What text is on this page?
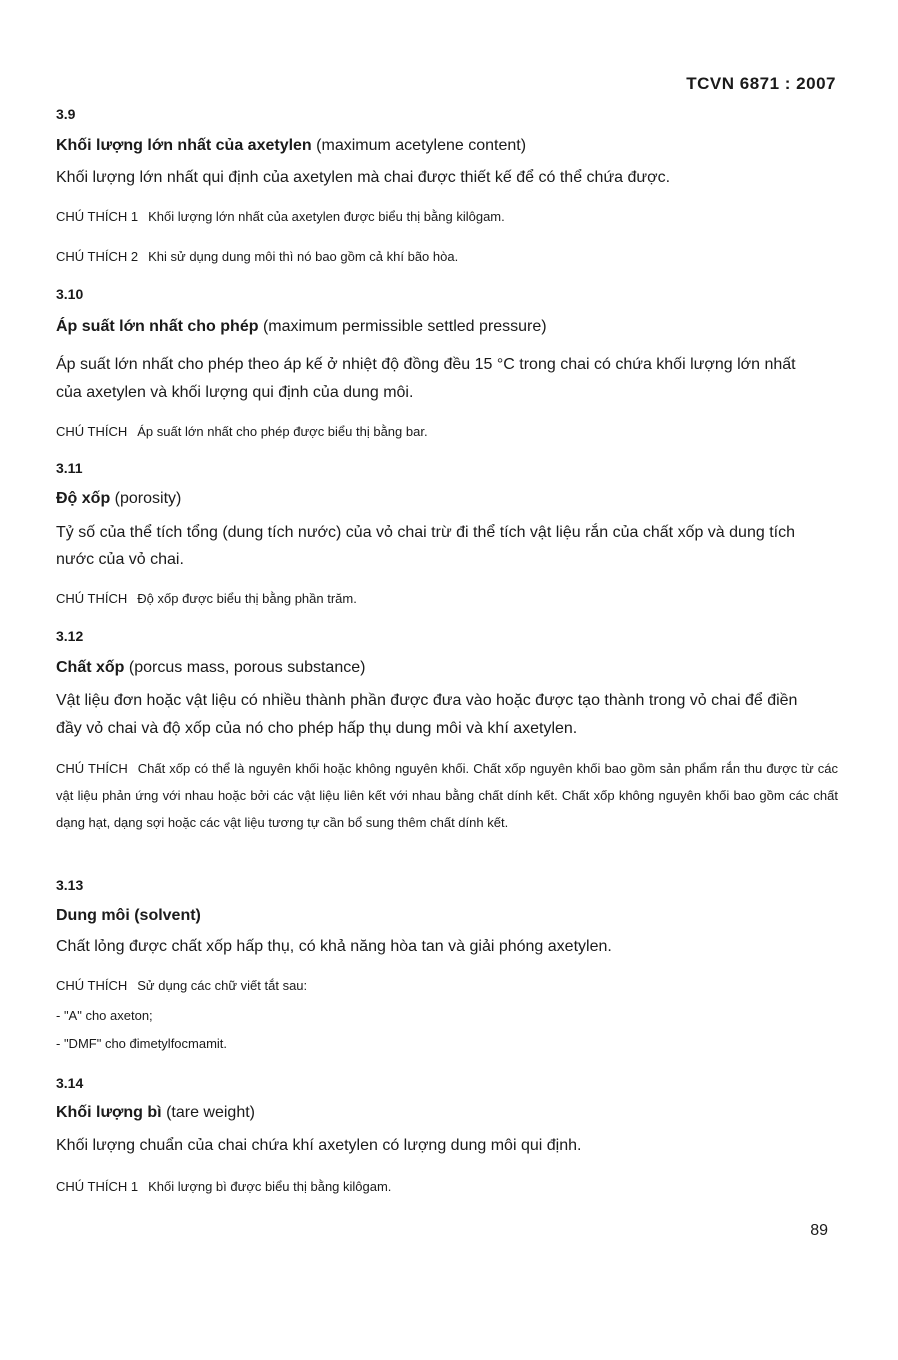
TCVN 6871 : 2007
3.9
Khối lượng lớn nhất của axetylen (maximum acetylene content)
Khối lượng lớn nhất qui định của axetylen mà chai được thiết kế để có thể chứa được.
CHÚ THÍCH 1 Khối lượng lớn nhất của axetylen được biểu thị bằng kilôgam.
CHÚ THÍCH 2 Khi sử dụng dung môi thì nó bao gồm cả khí bão hòa.
3.10
Áp suất lớn nhất cho phép (maximum permissible settled pressure)
Áp suất lớn nhất cho phép theo áp kế ở nhiệt độ đồng đều 15 °C trong chai có chứa khối lượng lớn nhất
của axetylen và khối lượng qui định của dung môi.
CHÚ THÍCH Áp suất lớn nhất cho phép được biểu thị bằng bar.
3.11
Độ xốp (porosity)
Tỷ số của thể tích tổng (dung tích nước) của vỏ chai trừ đi thể tích vật liệu rắn của chất xốp và dung tích
nước của vỏ chai.
CHÚ THÍCH Độ xốp được biểu thị bằng phần trăm.
3.12
Chất xốp (porcus mass, porous substance)
Vật liệu đơn hoặc vật liệu có nhiều thành phần được đưa vào hoặc được tạo thành trong vỏ chai để điền
đầy vỏ chai và độ xốp của nó cho phép hấp thụ dung môi và khí axetylen.
CHÚ THÍCH Chất xốp có thể là nguyên khối hoặc không nguyên khối. Chất xốp nguyên khối bao gồm sản phẩm rắn thu được từ các vật liệu phản ứng với nhau hoặc bởi các vật liệu liên kết với nhau bằng chất dính kết. Chất xốp không nguyên khối bao gồm các chất dạng hạt, dạng sợi hoặc các vật liệu tương tự cần bổ sung thêm chất dính kết.
3.13
Dung môi (solvent)
Chất lỏng được chất xốp hấp thụ, có khả năng hòa tan và giải phóng axetylen.
CHÚ THÍCH Sử dụng các chữ viết tắt sau:
- "A" cho axeton;
- "DMF" cho đimetylfocmamit.
3.14
Khối lượng bì (tare weight)
Khối lượng chuẩn của chai chứa khí axetylen có lượng dung môi qui định.
CHÚ THÍCH 1 Khối lượng bì được biểu thị bằng kilôgam.
89
